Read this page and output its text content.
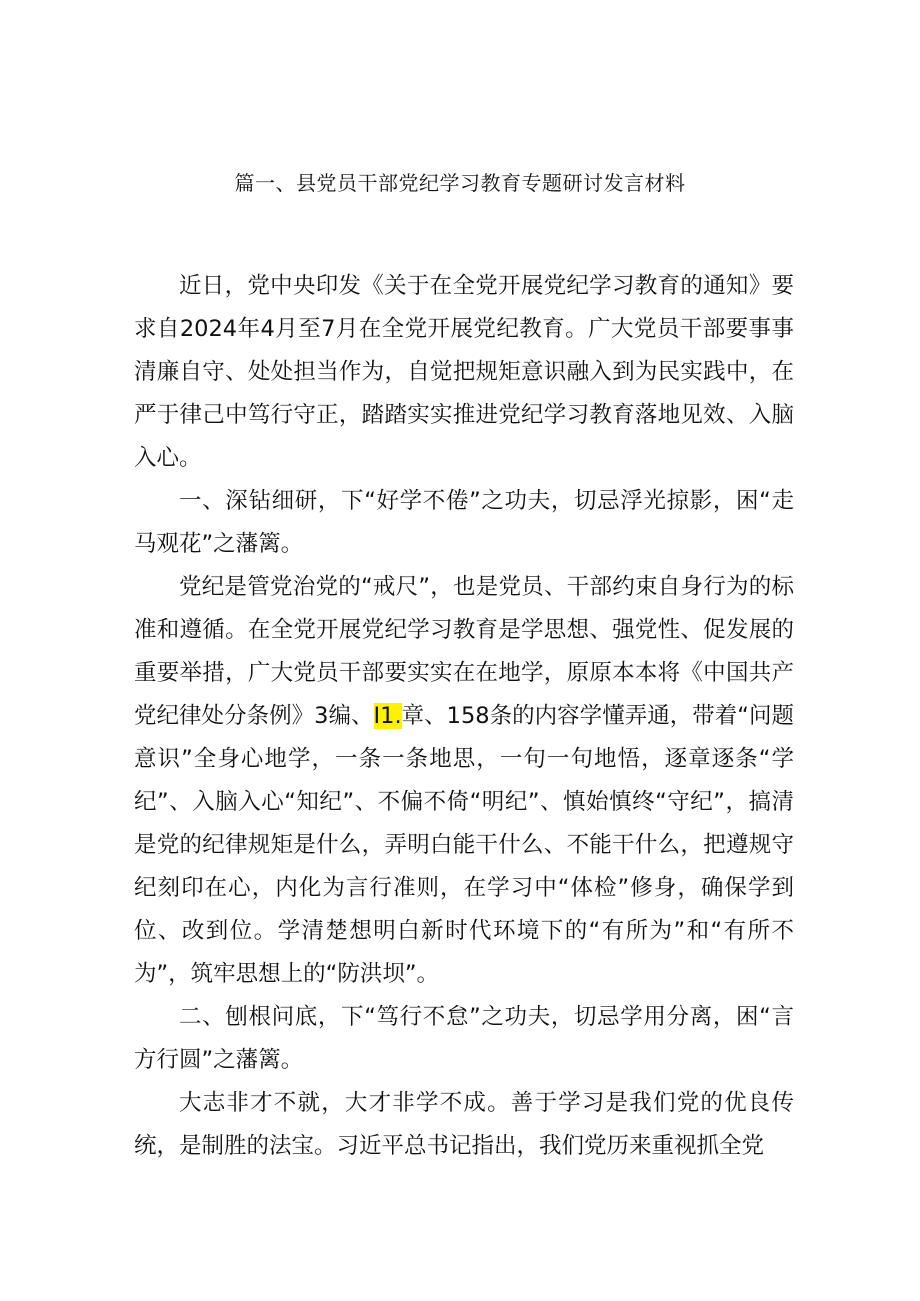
篇一、县党员干部党纪学习教育专题研讨发言材料

近日，党中央印发《关于在全党开展党纪学习教育的通知》要求自2024年4月至7月在全党开展党纪教育。广大党员干部要事事清廉自守、处处担当作为，自觉把规矩意识融入到为民实践中，在严于律己中笃行守正，踏踏实实推进党纪学习教育落地见效、入脑入心。

一、深钻细研，下“好学不倦”之功夫，切忌浮光掠影，困“走马观花”之藩篱。

党纪是管党治党的“戒尺”，也是党员、干部约束自身行为的标准和遵循。在全党开展党纪学习教育是学思想、强党性、促发展的重要举措，广大党员干部要实实在在地学，原原本本将《中国共产党纪律处分条例》3编、I1.章、158条的内容学懂弄通，带着“问题意识”全身心地学，一条一条地思，一句一句地悟，逐章逐条“学纪”、入脑入心“知纪”、不偏不倚“明纪”、慎始慎终“守纪”，搞清是党的纪律规矩是什么，弄明白能干什么、不能干什么，把遵规守纪刻印在心，内化为言行准则，在学习中“体检”修身，确保学到位、改到位。学清楚想明白新时代环境下的“有所为”和“有所不为”，筑牢思想上的“防洪坝”。

二、刨根问底，下“笃行不怠”之功夫，切忌学用分离，困“言方行圆”之藩篱。

大志非才不就，大才非学不成。善于学习是我们党的优良传统，是制胜的法宝。习近平总书记指出，我们党历来重视抓全党
